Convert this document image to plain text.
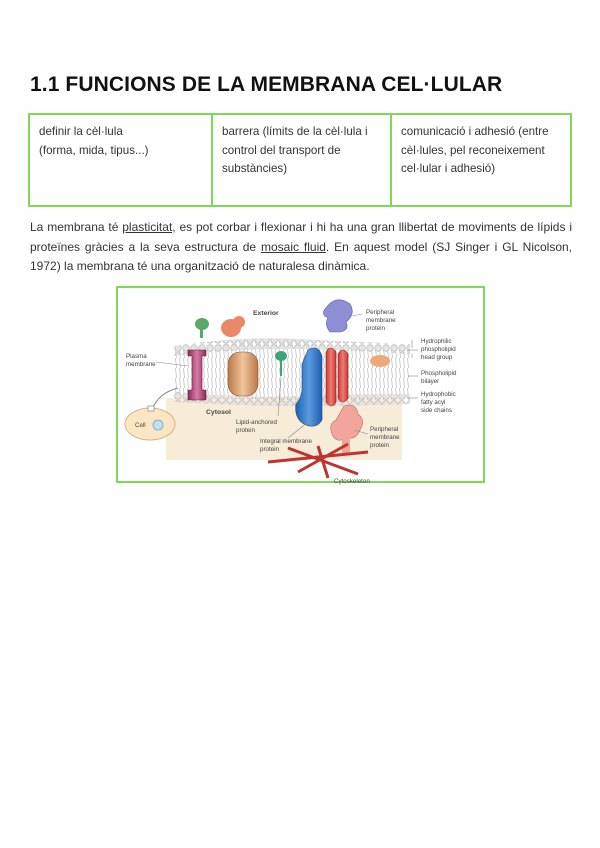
1.1 FUNCIONS DE LA MEMBRANA CEL·LULAR
definir la cèl·lula
(forma, mida, tipus...)
barrera (límits de la cèl·lula i control del transport de substàncies)
comunicació i adhesió (entre cèl·lules, pel reconeixement cel·lular i adhesió)

La membrana té plasticitat, es pot corbar i flexionar i hi ha una gran llibertat de moviments de lípids i proteïnes gràcies a la seva estructura de mosaic fluid. En aquest model (SJ Singer i GL Nicolson, 1972) la membrana té una organització de naturalesa dinàmica.

Exterior
Cytosol
Plasma
membrane
Cell
Peripheral
membrane
protein
Hydrophilic
phospholipid
head group
Phospholipid
bilayer
Hydrophobic
fatty acyl
side chains
Lipid-anchored
protein
Integral membrane
protein
Peripheral
membrane
protein
Cytoskeleton
